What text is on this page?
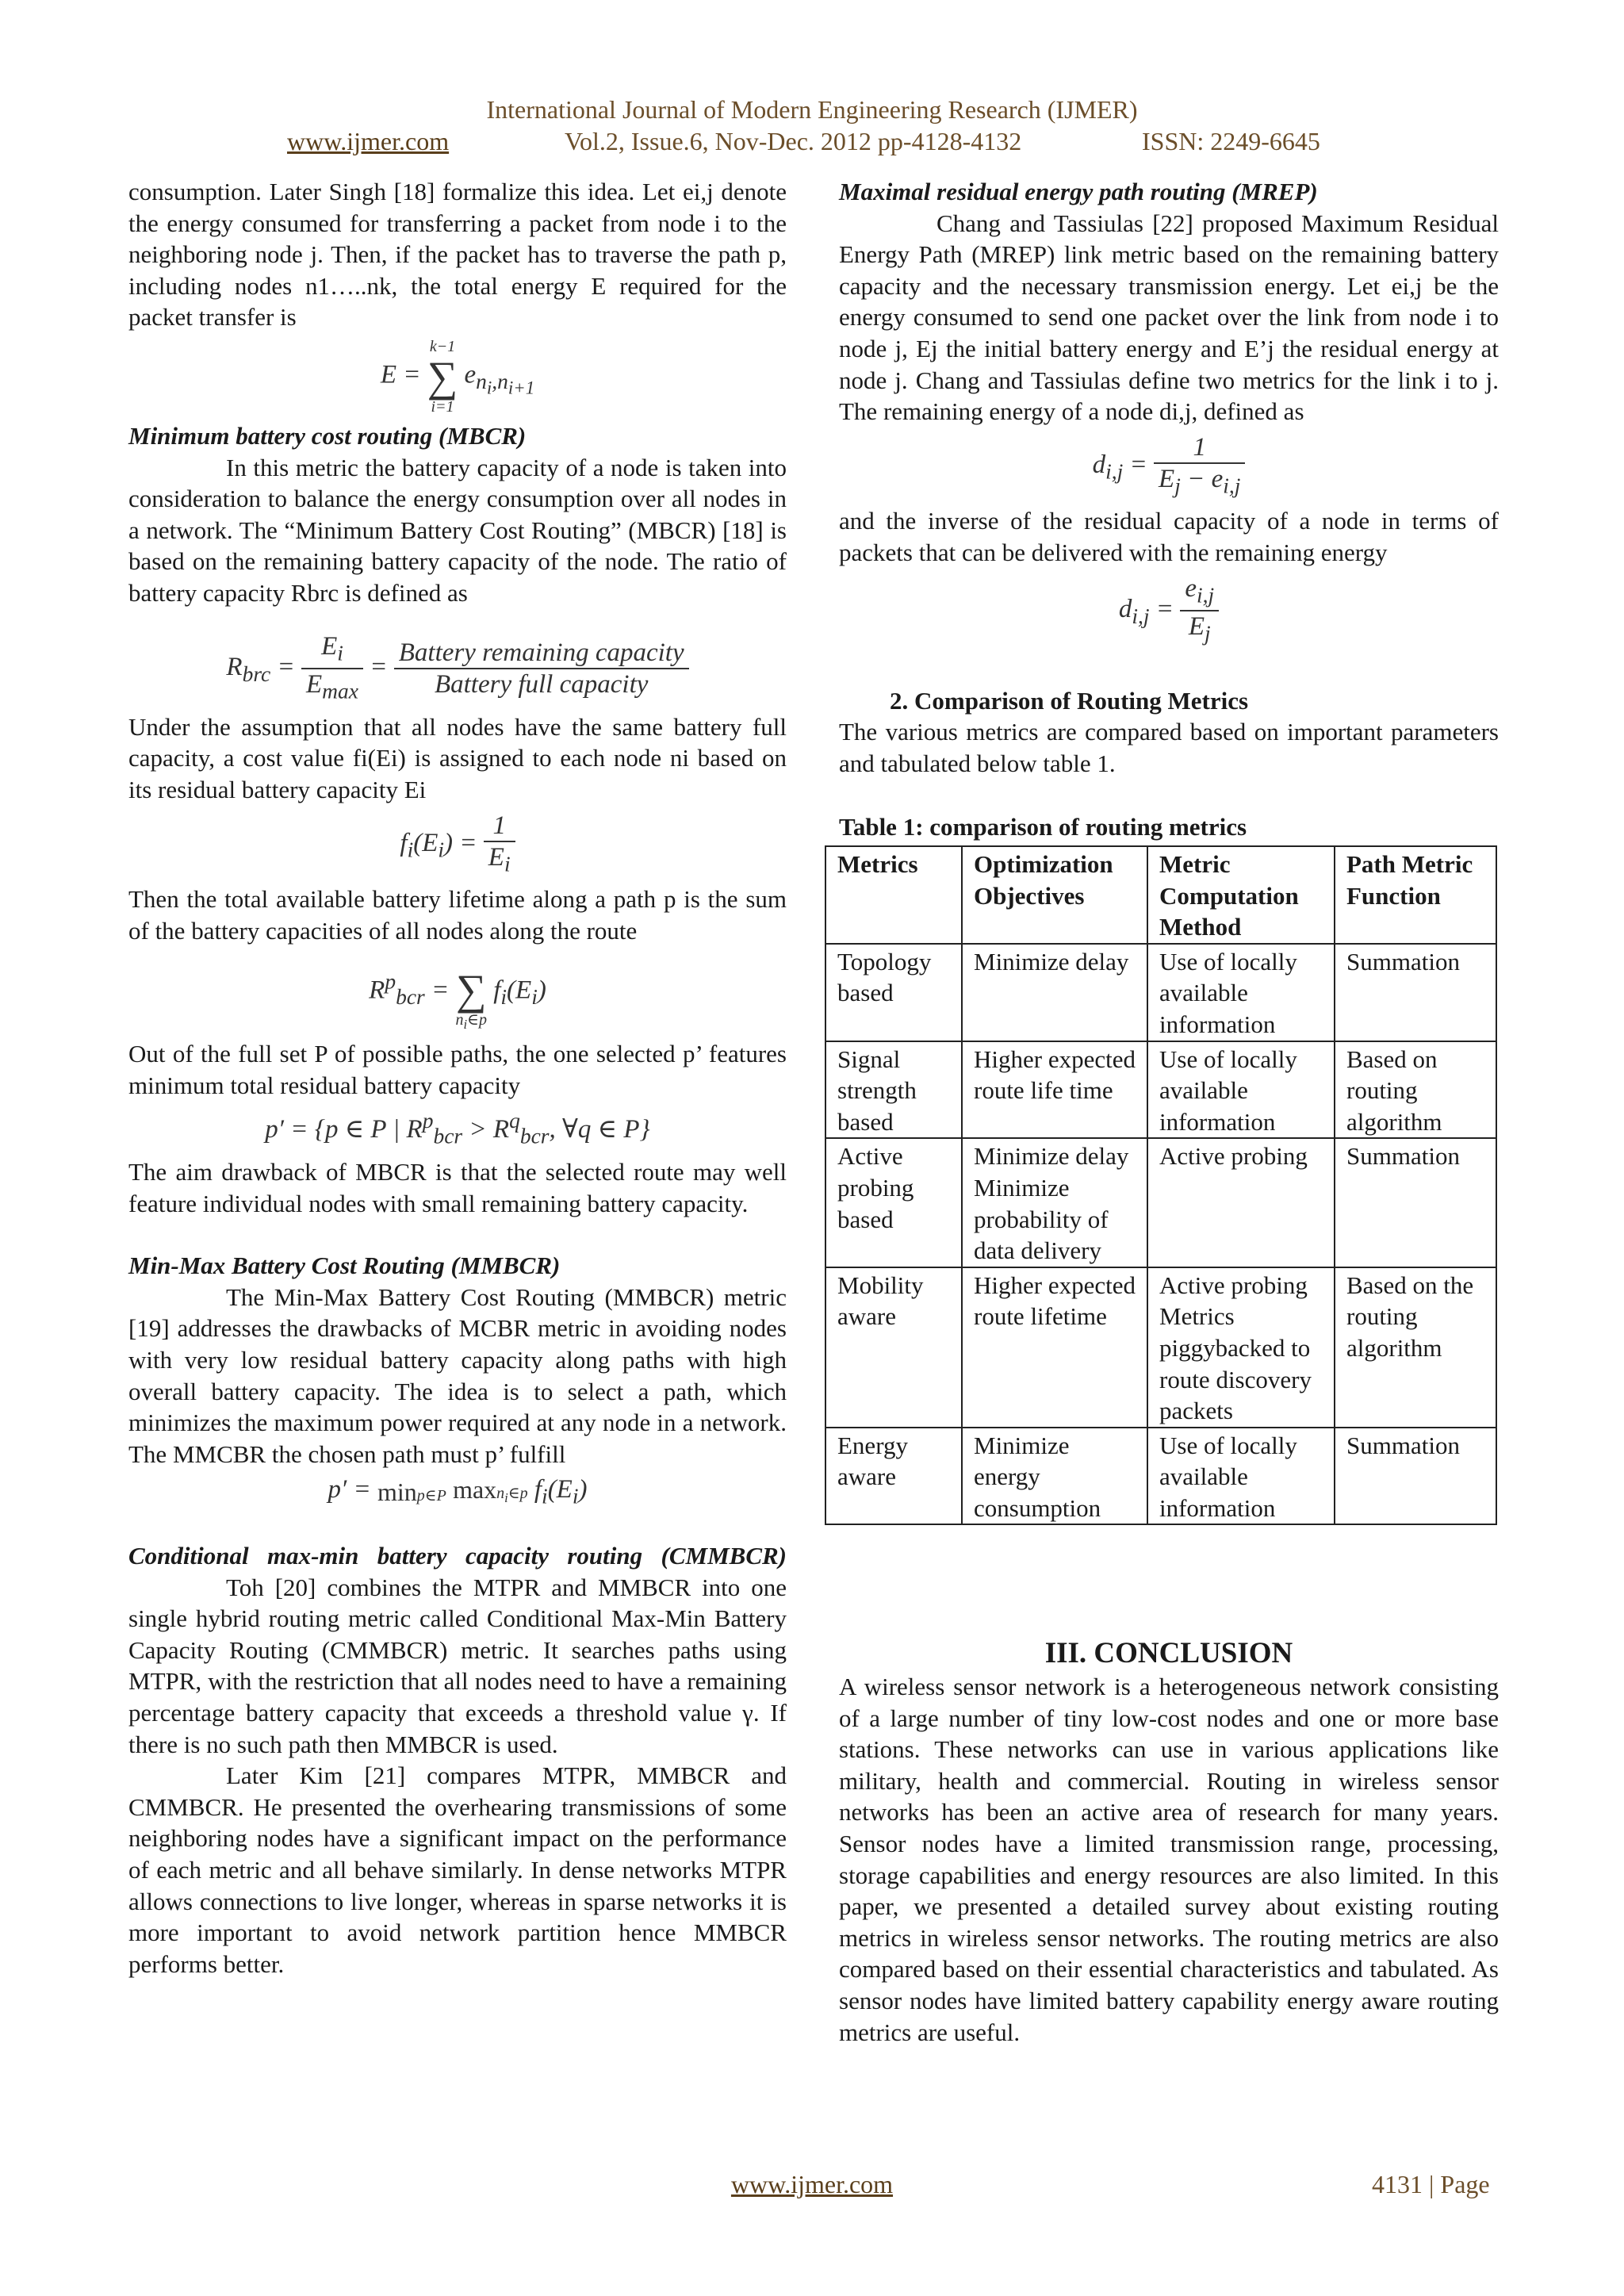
International Journal of Modern Engineering Research (IJMER)
www.ijmer.com	Vol.2, Issue.6, Nov-Dec. 2012 pp-4128-4132	ISSN: 2249-6645

consumption. Later Singh [18] formalize this idea. Let ei,j denote the energy consumed for transferring a packet from node i to the neighboring node j. Then, if the packet has to traverse the path p, including nodes n1…..nk, the total energy E required for the packet transfer is

E = k−1
∑
i=1 $e_{n_i,n_{i+1}}$

Minimum battery cost routing (MBCR)

In this metric the battery capacity of a node is taken into consideration to balance the energy consumption over all nodes in a network. The “Minimum Battery Cost Routing” (MBCR) [18] is based on the remaining battery capacity of the node. The ratio of battery capacity Rbrc is defined as

$R_{brc}$ =
$E_i$
$E_{max}$
= Battery remaining capacity
Battery full capacity

Under the assumption that all nodes have the same battery full capacity, a cost value fi(Ei) is assigned to each node ni based on its residual battery capacity Ei

$f_i(E_i) = \frac{1}{E_i}$

Then the total available battery lifetime along a path p is the sum of the battery capacities of all nodes along the route

$R^p_{bcr}$ = ∑
$n_i\in p$ $f_i(E_i)$

Out of the full set P of possible paths, the one selected p’ features minimum total residual battery capacity

p′ = {p ∈ P | $R^p_{bcr} > R^q_{bcr}$, ∀q ∈ P}

The aim drawback of MBCR is that the selected route may well feature individual nodes with small remaining battery capacity.

Min-Max Battery Cost Routing (MMBCR)

The Min-Max Battery Cost Routing (MMBCR) metric [19] addresses the drawbacks of MCBR metric in avoiding nodes with very low residual battery capacity along paths with high overall battery capacity. The idea is to select a path, which minimizes the maximum power required at any node in a network. The MMCBR the chosen path must p’ fulfill

p′ = minp∈P maxn$_i$∈p $f_i(E_i)$

Conditional max-min battery capacity routing (CMMBCR)

Toh [20] combines the MTPR and MMBCR into one single hybrid routing metric called Conditional Max-Min Battery Capacity Routing (CMMBCR) metric. It searches paths using MTPR, with the restriction that all nodes need to have a remaining percentage battery capacity that exceeds a threshold value γ. If there is no such path then MMBCR is used.

Later Kim [21] compares MTPR, MMBCR and CMMBCR. He presented the overhearing transmissions of some neighboring nodes have a significant impact on the performance of each metric and all behave similarly. In dense networks MTPR allows connections to live longer, whereas in sparse networks it is more important to avoid network partition hence MMBCR performs better.

Maximal residual energy path routing (MREP)

Chang and Tassiulas [22] proposed Maximum Residual Energy Path (MREP) link metric based on the remaining battery capacity and the necessary transmission energy. Let ei,j be the energy consumed to send one packet over the link from node i to node j, Ej the initial battery energy and E’j the residual energy at node j. Chang and Tassiulas define two metrics for the link i to j. The remaining energy of a node di,j, defined as

$d_{i,j} = \frac{1}{E_j - e_{i,j}}$

and the inverse of the residual capacity of a node in terms of packets that can be delivered with the remaining energy

$d_{i,j} = \frac{e_{i,j}}{E_j}$

2. Comparison of Routing Metrics

The various metrics are compared based on important parameters and tabulated below table 1.

Table 1: comparison of routing metrics

Metrics	Optimization Objectives	Metric Computation Method	Path Metric Function
Topology based	Minimize delay	Use of locally available information	Summation
Signal strength based	Higher expected route life time	Use of locally available information	Based on routing algorithm
Active probing based	Minimize delay Minimize probability of data delivery	Active probing	Summation
Mobility aware	Higher expected route lifetime	Active probing Metrics piggybacked to route discovery packets	Based on the routing algorithm
Energy aware	Minimize energy consumption	Use of locally available information	Summation
III. CONCLUSION

A wireless sensor network is a heterogeneous network consisting of a large number of tiny low-cost nodes and one or more base stations. These networks can use in various applications like military, health and commercial. Routing in wireless sensor networks has been an active area of research for many years. Sensor nodes have a limited transmission range, processing, storage capabilities and energy resources are also limited. In this paper, we presented a detailed survey about existing routing metrics in wireless sensor networks. The routing metrics are also compared based on their essential characteristics and tabulated. As sensor nodes have limited battery capability energy aware routing metrics are useful.

www.ijmer.com	4131 | Page
